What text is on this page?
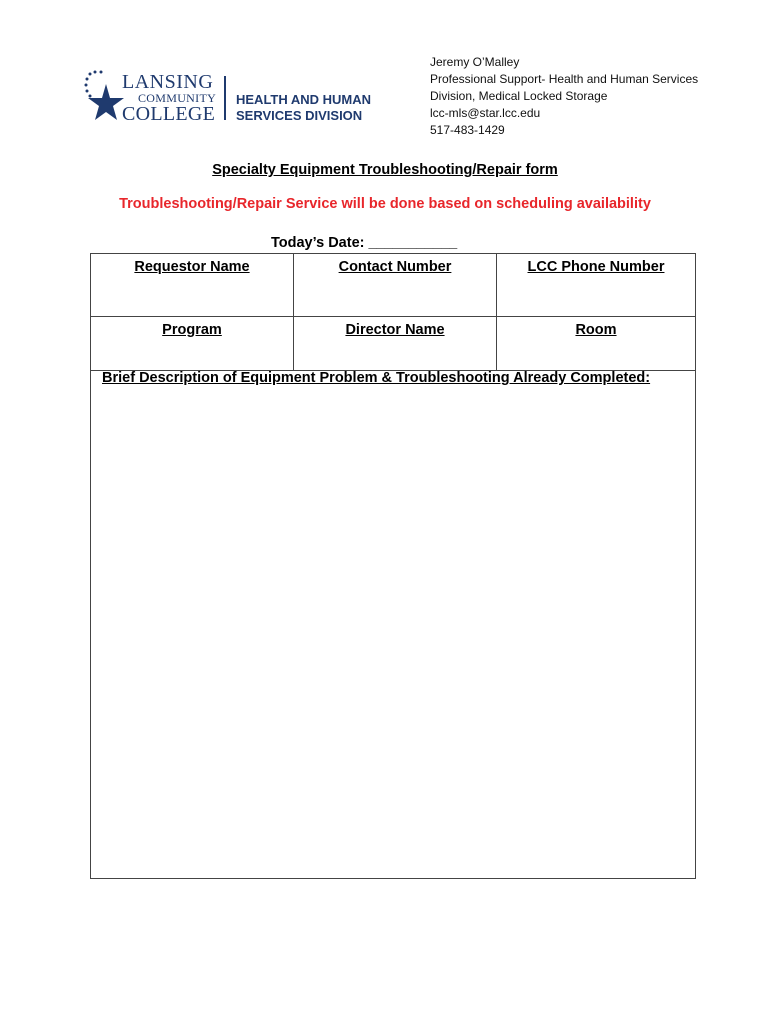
LANSING
COMMUNITY
COLLEGE
HEALTH AND HUMAN
SERVICES DIVISION
Jeremy O’Malley
Professional Support- Health and Human Services
Division, Medical Locked Storage
lcc-mls@star.lcc.edu
517-483-1429
Specialty Equipment Troubleshooting/Repair form
Troubleshooting/Repair Service will be done based on scheduling availability
Today’s Date: ___________
Requestor Name	Contact Number	LCC Phone Number
Program	Director Name	Room
Brief Description of Equipment Problem & Troubleshooting Already Completed:
